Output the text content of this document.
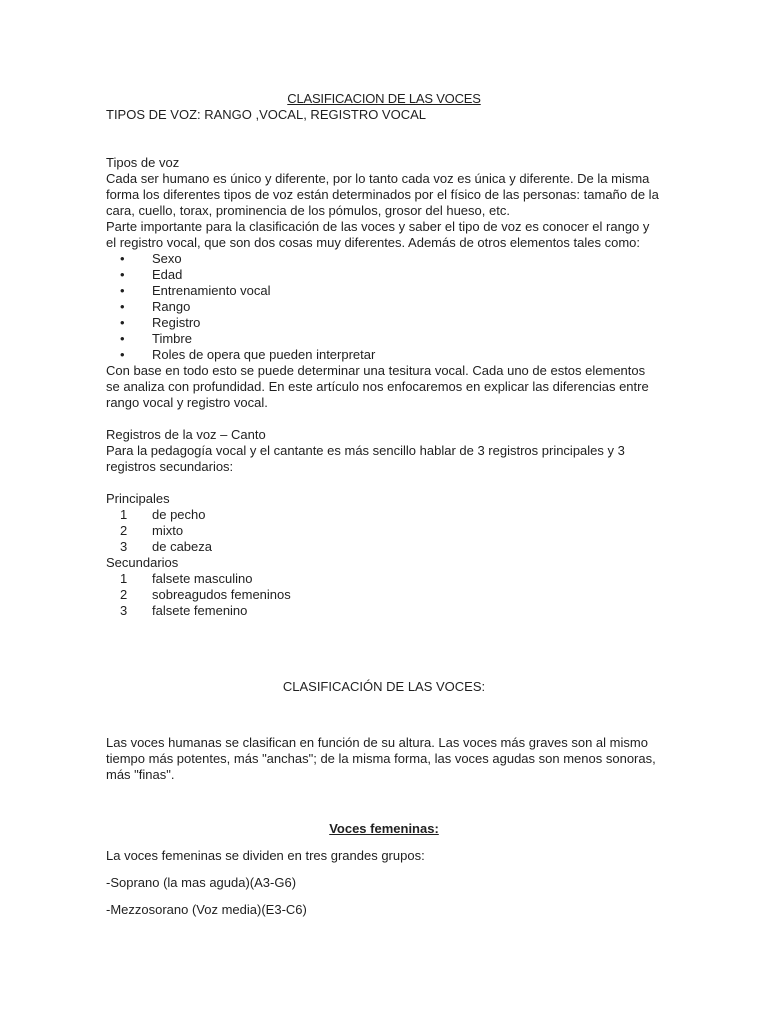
CLASIFICACION DE LAS VOCES

TIPOS DE VOZ: RANGO ,VOCAL, REGISTRO VOCAL

Tipos de voz

Cada ser humano es único y diferente, por lo tanto cada voz es única y diferente. De la misma forma los diferentes tipos de voz están determinados por el físico de las personas: tamaño de la cara, cuello, torax, prominencia de los pómulos, grosor del hueso, etc.

Parte importante para la clasificación de las voces y saber el tipo de voz es conocer el rango y el registro vocal, que son dos cosas muy diferentes. Además de otros elementos tales como:

• Sexo
• Edad
• Entrenamiento vocal
• Rango
• Registro
• Timbre
• Roles de opera que pueden interpretar

Con base en todo esto se puede determinar una tesitura vocal. Cada uno de estos elementos se analiza con profundidad. En este artículo nos enfocaremos en explicar las diferencias entre rango vocal y registro vocal.

Registros de la voz – Canto

Para la pedagogía vocal y el cantante es más sencillo hablar de 3 registros principales y 3 registros secundarios:

Principales

1 de pecho
2 mixto
3 de cabeza

Secundarios

1 falsete masculino
2 sobreagudos femeninos
3 falsete femenino

CLASIFICACIÓN DE LAS VOCES:

Las voces humanas se clasifican en función de su altura. Las voces más graves son al mismo tiempo más potentes, más "anchas"; de la misma forma, las voces agudas son menos sonoras, más "finas".

Voces femeninas:

La voces femeninas se dividen en tres grandes grupos:

-Soprano (la mas aguda)(A3-G6)

-Mezzosorano (Voz media)(E3-C6)
